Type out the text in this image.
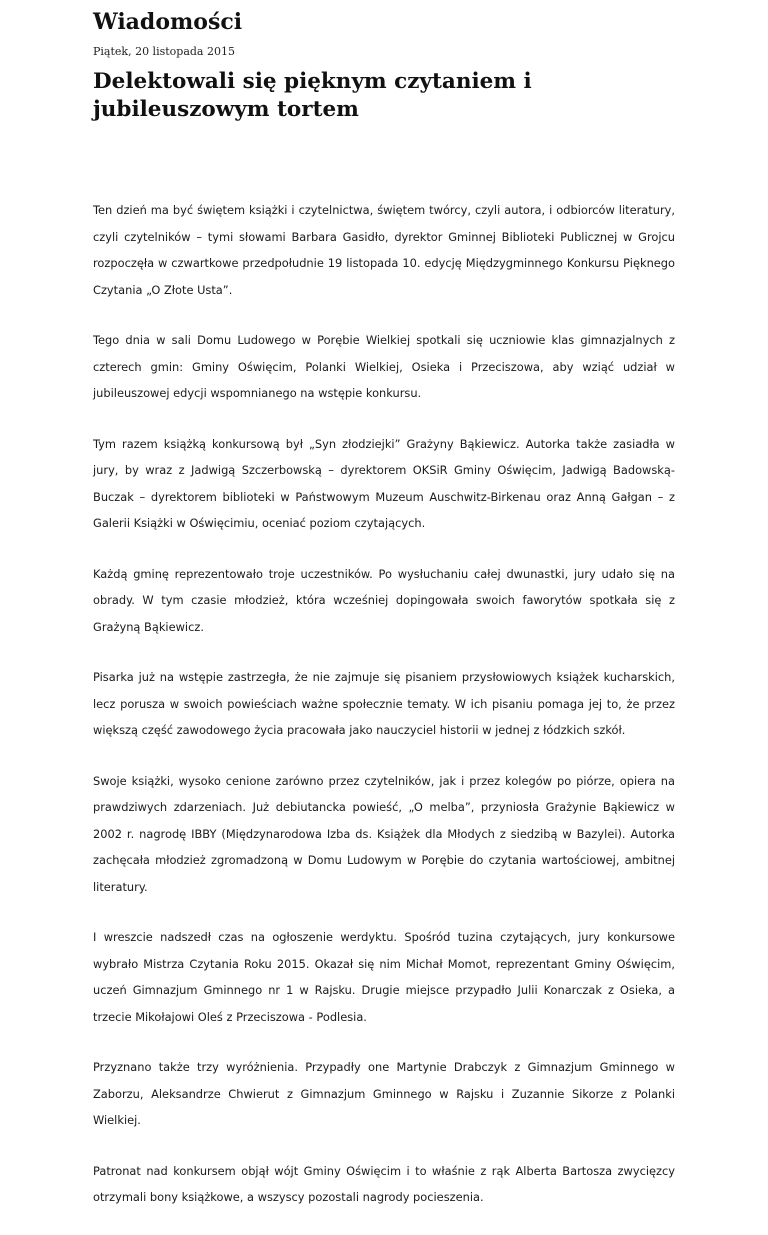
Wiadomości
Piątek, 20 listopada 2015
Delektowali się pięknym czytaniem i jubileuszowym tortem

Ten dzień ma być świętem książki i czytelnictwa, świętem twórcy, czyli autora, i odbiorców literatury, czyli czytelników – tymi słowami Barbara Gasidło, dyrektor Gminnej Biblioteki Publicznej w Grojcu rozpoczęła w czwartkowe przedpołudnie 19 listopada 10. edycję Międzygminnego Konkursu Pięknego Czytania „O Złote Usta”.

Tego dnia w sali Domu Ludowego w Porębie Wielkiej spotkali się uczniowie klas gimnazjalnych z czterech gmin: Gminy Oświęcim, Polanki Wielkiej, Osieka i Przeciszowa, aby wziąć udział w jubileuszowej edycji wspomnianego na wstępie konkursu.

Tym razem książką konkursową był „Syn złodziejki” Grażyny Bąkiewicz. Autorka także zasiadła w jury, by wraz z Jadwigą Szczerbowską – dyrektorem OKSiR Gminy Oświęcim, Jadwigą Badowską-Buczak – dyrektorem biblioteki w Państwowym Muzeum Auschwitz-Birkenau oraz Anną Gałgan – z Galerii Książki w Oświęcimiu, oceniać poziom czytających.

Każdą gminę reprezentowało troje uczestników. Po wysłuchaniu całej dwunastki, jury udało się na obrady. W tym czasie młodzież, która wcześniej dopingowała swoich faworytów spotkała się z Grażyną Bąkiewicz.

Pisarka już na wstępie zastrzegła, że nie zajmuje się pisaniem przysłowiowych książek kucharskich, lecz porusza w swoich powieściach ważne społecznie tematy. W ich pisaniu pomaga jej to, że przez większą część zawodowego życia pracowała jako nauczyciel historii w jednej z łódzkich szkół.

Swoje książki, wysoko cenione zarówno przez czytelników, jak i przez kolegów po piórze, opiera na prawdziwych zdarzeniach. Już debiutancka powieść, „O melba”, przyniosła Grażynie Bąkiewicz w 2002 r. nagrodę IBBY (Międzynarodowa Izba ds. Książek dla Młodych z siedzibą w Bazylei). Autorka zachęcała młodzież zgromadzoną w Domu Ludowym w Porębie do czytania wartościowej, ambitnej literatury.

I wreszcie nadszedł czas na ogłoszenie werdyktu. Spośród tuzina czytających, jury konkursowe wybrało Mistrza Czytania Roku 2015. Okazał się nim Michał Momot, reprezentant Gminy Oświęcim, uczeń Gimnazjum Gminnego nr 1 w Rajsku. Drugie miejsce przypadło Julii Konarczak z Osieka, a trzecie Mikołajowi Oleś z Przeciszowa - Podlesia.

Przyznano także trzy wyróżnienia. Przypadły one Martynie Drabczyk z Gimnazjum Gminnego w Zaborzu, Aleksandrze Chwierut z Gimnazjum Gminnego w Rajsku i Zuzannie Sikorze z Polanki Wielkiej.

Patronat nad konkursem objął wójt Gminy Oświęcim i to właśnie z rąk Alberta Bartosza zwycięzcy otrzymali bony książkowe, a wszyscy pozostali nagrody pocieszenia.
